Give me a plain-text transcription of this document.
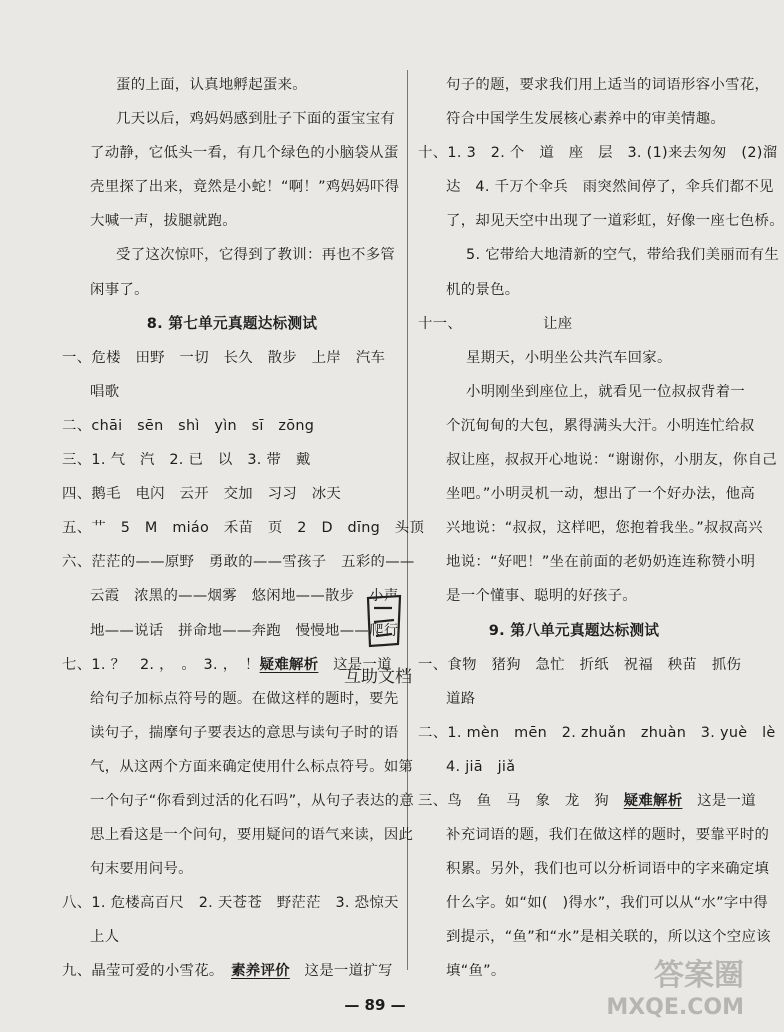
蛋的上面，认真地孵起蛋来。
几天以后，鸡妈妈感到肚子下面的蛋宝宝有
了动静，它低头一看，有几个绿色的小脑袋从蛋
壳里探了出来，竟然是小蛇！“啊！”鸡妈妈吓得
大喊一声，拔腿就跑。
受了这次惊吓，它得到了教训：再也不多管
闲事了。
8. 第七单元真题达标测试
一、危楼　田野　一切　长久　散步　上岸　汽车
唱歌
二、chāi　sēn　shì　yìn　sī　zōng
三、1. 气　汽　2. 已　以　3. 带　戴
四、鹅毛　电闪　云开　交加　习习　冰天
五、艹　5　M　miáo　禾苗　页　2　D　dīng　头顶
六、茫茫的——原野　勇敢的——雪孩子　五彩的——
云霞　浓黑的——烟雾　悠闲地——散步　小声
地——说话　拼命地——奔跑　慢慢地——爬行
七、1. ？　2. ，　。　3. ，　！疑难解析　这是一道
给句子加标点符号的题。在做这样的题时，要先
读句子，揣摩句子要表达的意思与读句子时的语
气，从这两个方面来确定使用什么标点符号。如第
一个句子“你看到过活的化石吗”，从句子表达的意
思上看这是一个问句，要用疑问的语气来读，因此
句末要用问号。
八、1. 危楼高百尺　2. 天苍苍　野茫茫　3. 恐惊天
上人
九、晶莹可爱的小雪花。　素养评价　这是一道扩写
句子的题，要求我们用上适当的词语形容小雪花，
符合中国学生发展核心素养中的审美情趣。
十、1. 3　2. 个　道　座　层　3. (1)来去匆匆　(2)溜
达　4. 千万个伞兵　雨突然间停了，伞兵们都不见
了，却见天空中出现了一道彩虹，好像一座七色桥。
5. 它带给大地清新的空气，带给我们美丽而有生
机的景色。
十一、　　　　　　让座
星期天，小明坐公共汽车回家。
小明刚坐到座位上，就看见一位叔叔背着一
个沉甸甸的大包，累得满头大汗。小明连忙给叔
叔让座，叔叔开心地说：“谢谢你，小朋友，你自己
坐吧。”小明灵机一动，想出了一个好办法，他高
兴地说：“叔叔，这样吧，您抱着我坐。”叔叔高兴
地说：“好吧！”坐在前面的老奶奶连连称赞小明
是一个懂事、聪明的好孩子。
9. 第八单元真题达标测试
一、食物　猪狗　急忙　折纸　祝福　秧苗　抓伤
道路
二、1. mèn　mēn　2. zhuǎn　zhuàn　3. yuè　lè
4. jiā　jiǎ
三、鸟　鱼　马　象　龙　狗　疑难解析　这是一道
补充词语的题，我们在做这样的题时，要靠平时的
积累。另外，我们也可以分析词语中的字来确定填
什么字。如“如(　)得水”，我们可以从“水”字中得
到提示，“鱼”和“水”是相关联的，所以这个空应该
填“鱼”。
互助文档
答案圈
MXQE.COM
— 89 —
